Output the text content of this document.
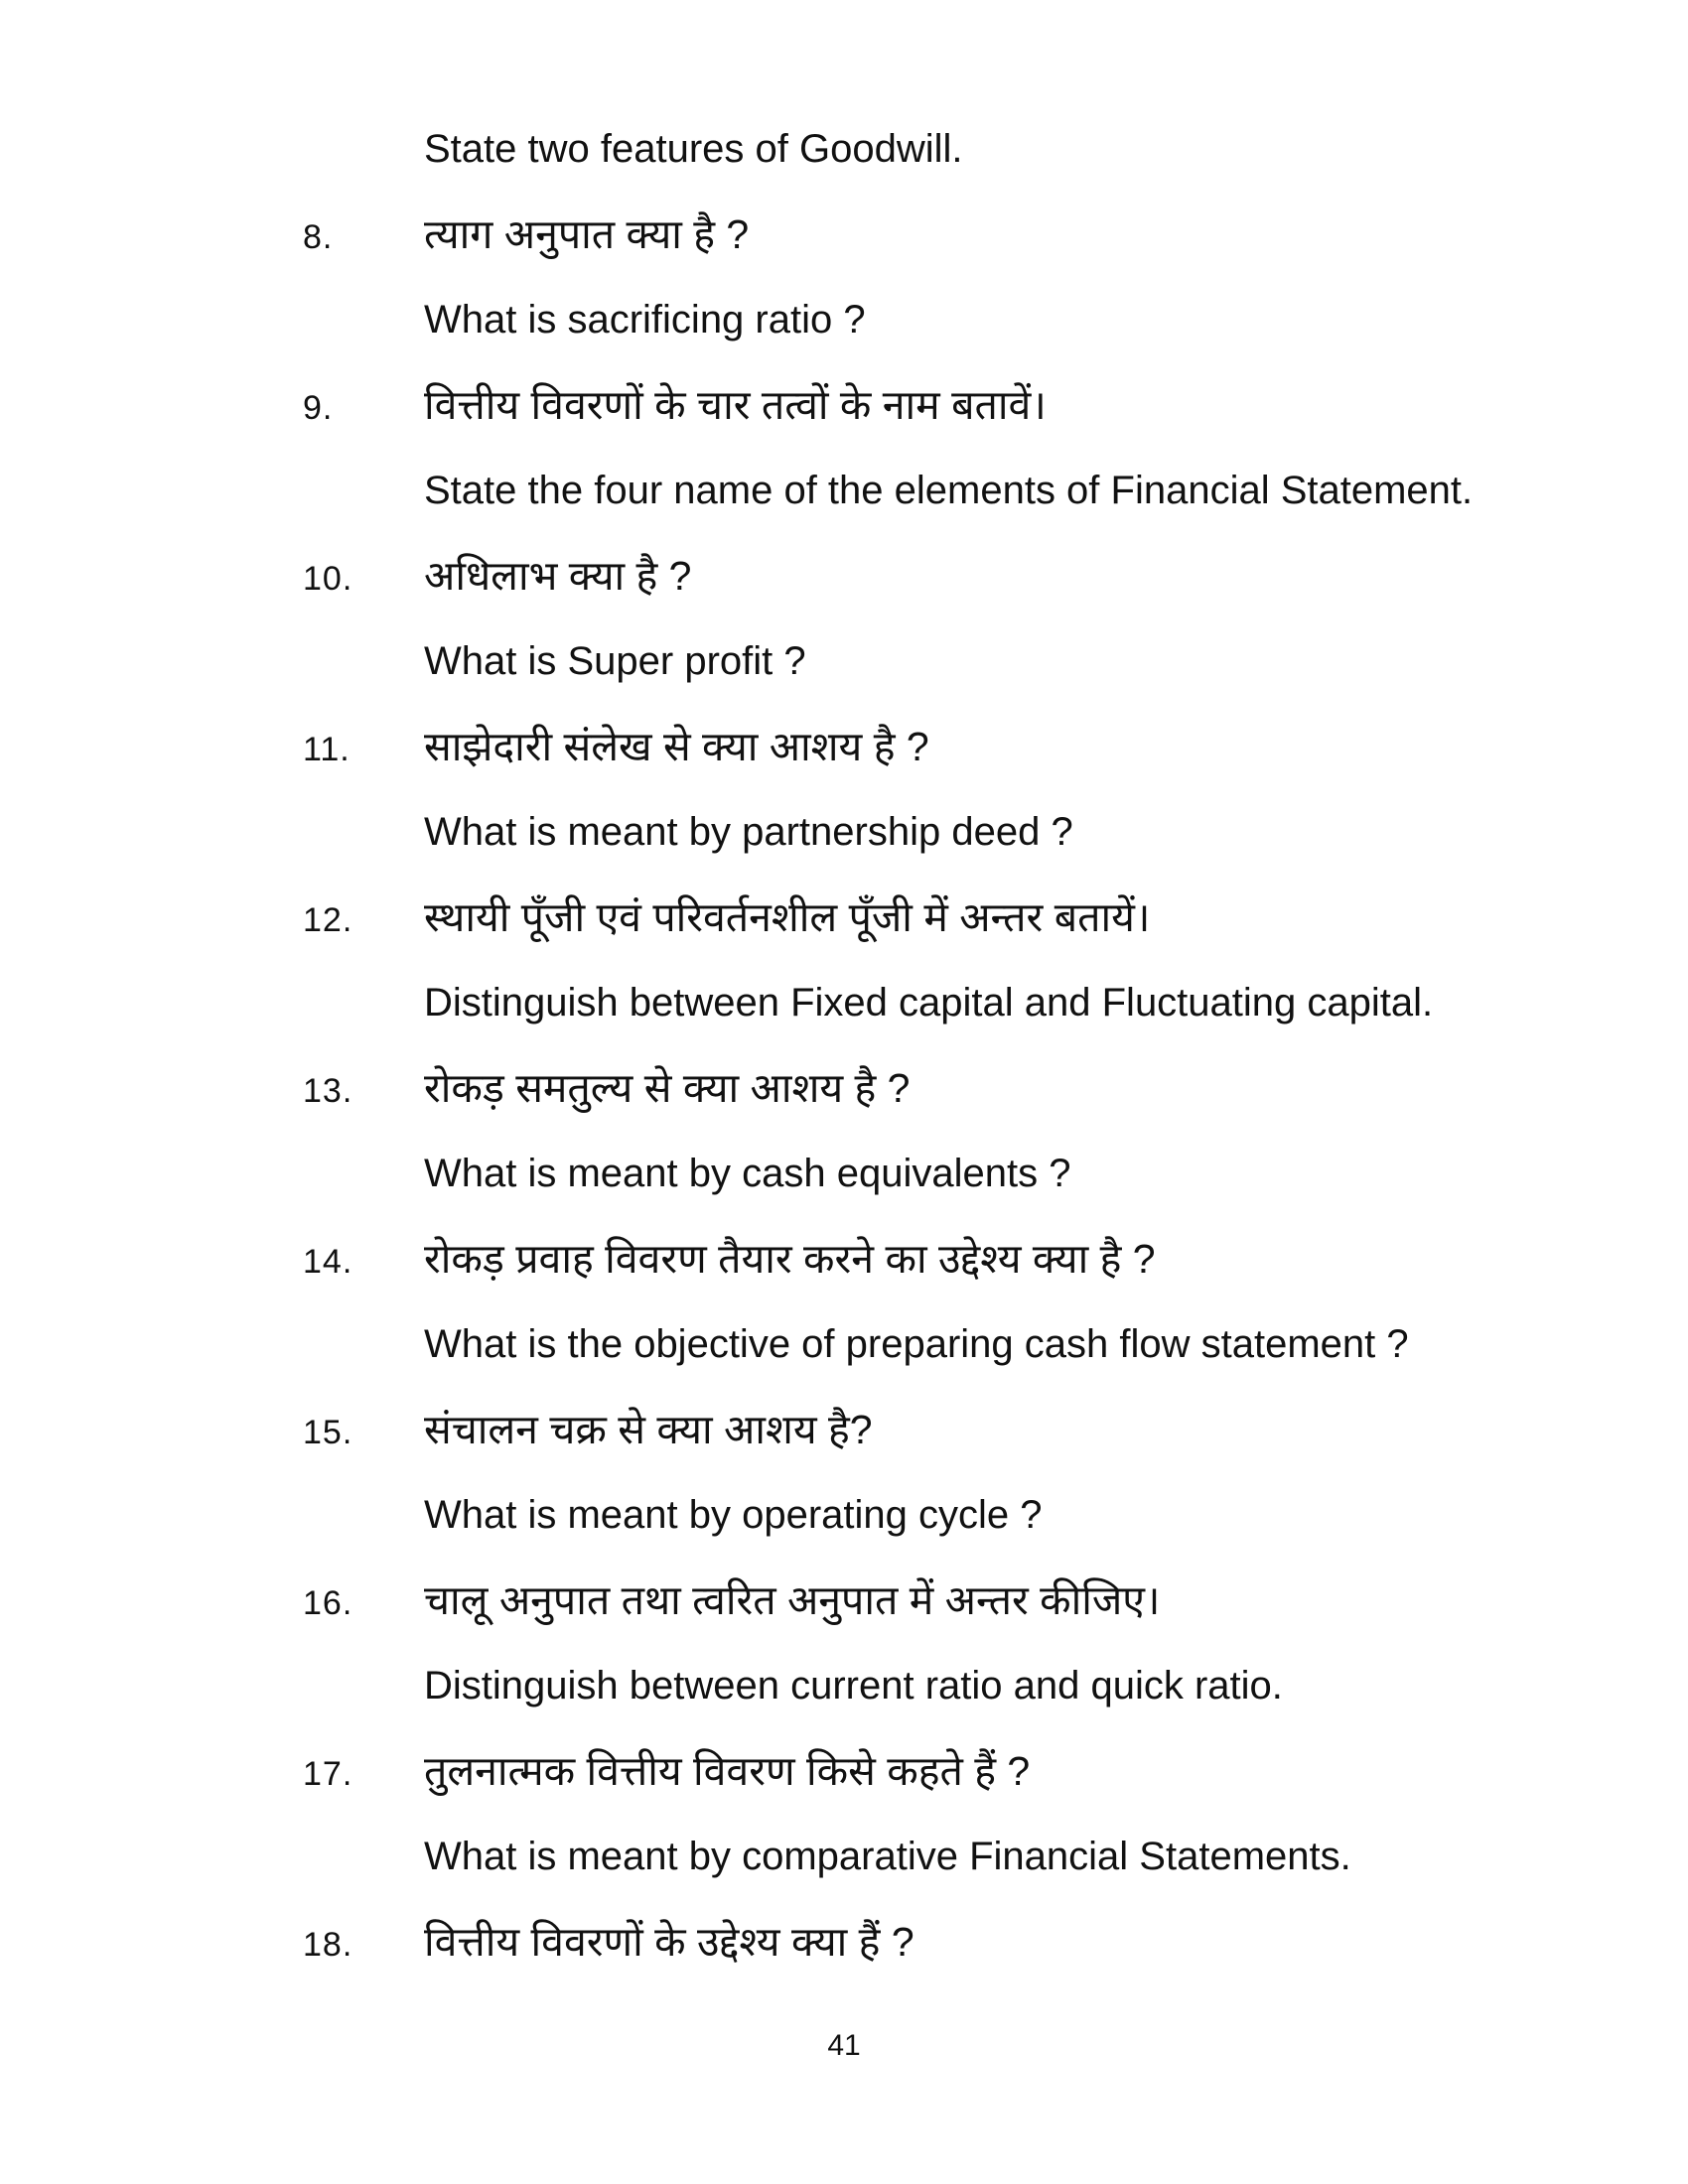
State two features of Goodwill.
8.	त्याग अनुपात क्या है ?
What is sacrificing ratio ?
9.	वित्तीय विवरणों के चार तत्वों के नाम बतावें।
State the four name of the elements of Financial Statement.
10.	अधिलाभ क्या है ?
What is Super profit ?
11.	साझेदारी संलेख से क्या आशय है ?
What is meant by partnership deed ?
12.	स्थायी पूँजी एवं परिवर्तनशील पूँजी में अन्तर बतायें।
Distinguish between Fixed capital and Fluctuating capital.
13.	रोकड़ समतुल्य से क्या आशय है ?
What is meant by cash equivalents ?
14.	रोकड़ प्रवाह विवरण तैयार करने का उद्देश्य क्या है ?
What is the objective of preparing cash flow statement ?
15.	संचालन चक्र से क्या आशय है?
What is meant by operating cycle ?
16.	चालू अनुपात तथा त्वरित अनुपात में अन्तर कीजिए।
Distinguish between current ratio and quick ratio.
17.	तुलनात्मक वित्तीय विवरण किसे कहते हैं ?
What is meant by comparative Financial Statements.
18.	वित्तीय विवरणों के उद्देश्य क्या हैं ?
41
